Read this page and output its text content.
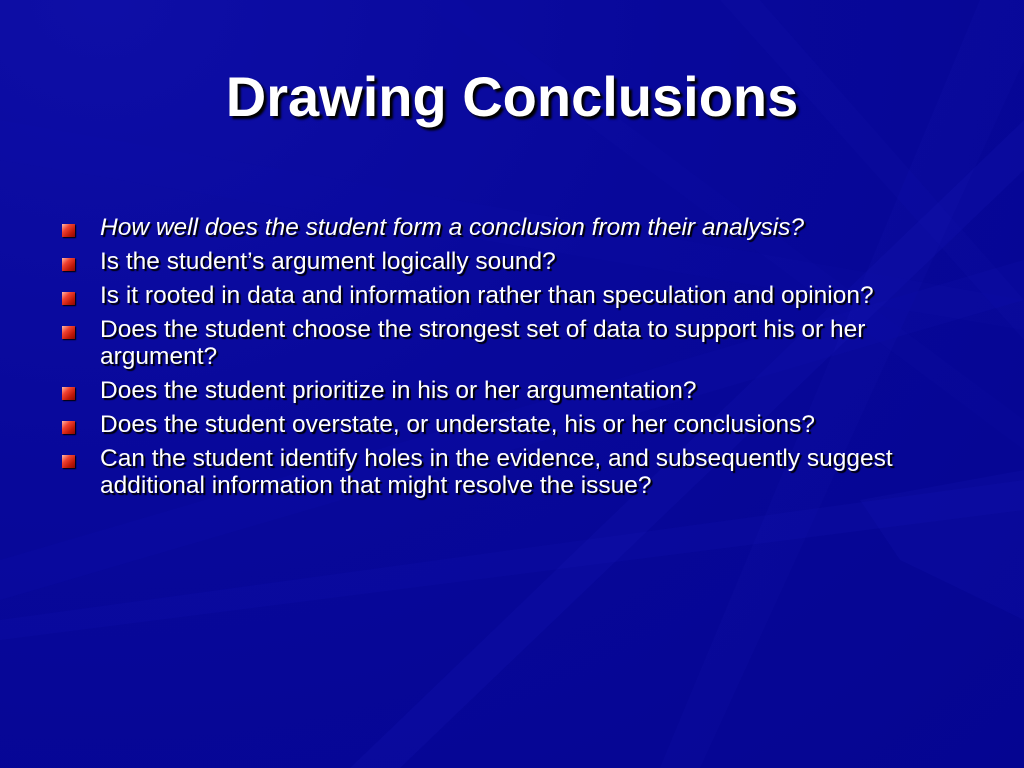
Drawing Conclusions
How well does the student form a conclusion from their analysis?
Is the student’s argument logically sound?
Is it rooted in data and information rather than speculation and opinion?
Does the student choose the strongest set of data to support his or her argument?
Does the student prioritize in his or her argumentation?
Does the student overstate, or understate, his or her conclusions?
Can the student identify holes in the evidence, and subsequently suggest additional information that might resolve the issue?
